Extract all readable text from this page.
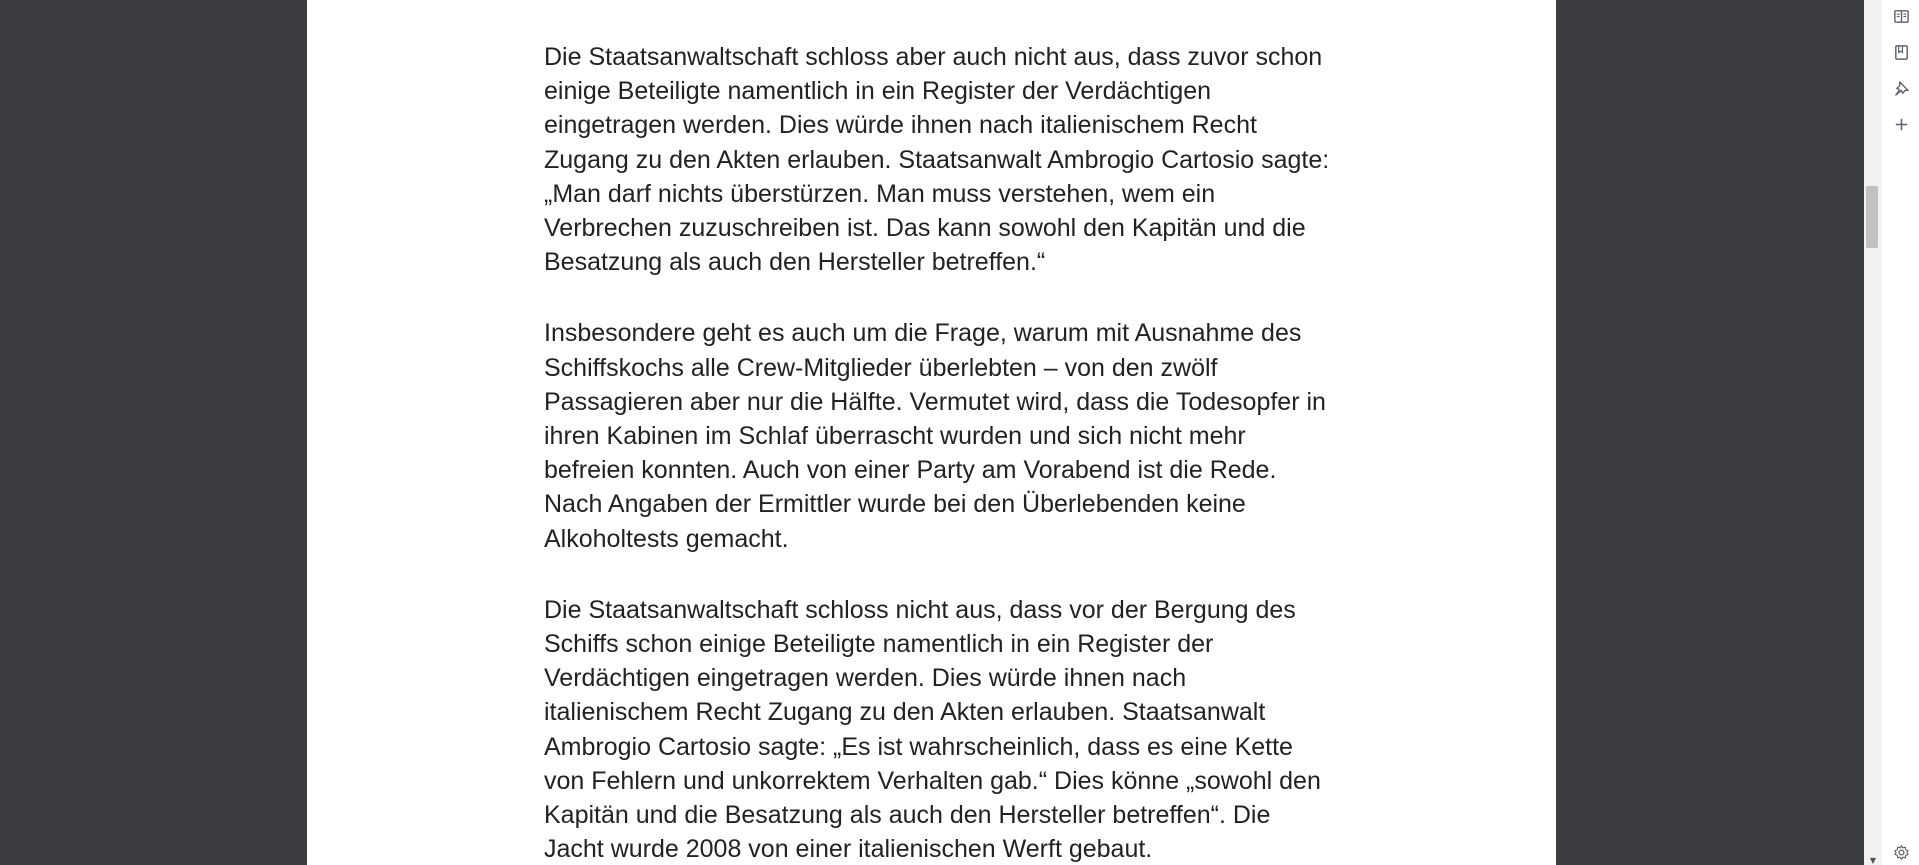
Die Staatsanwaltschaft schloss aber auch nicht aus, dass zuvor schon einige Beteiligte namentlich in ein Register der Verdächtigen eingetragen werden. Dies würde ihnen nach italienischem Recht Zugang zu den Akten erlauben. Staatsanwalt Ambrogio Cartosio sagte: „Man darf nichts überstürzen. Man muss verstehen, wem ein Verbrechen zuzuschreiben ist. Das kann sowohl den Kapitän und die Besatzung als auch den Hersteller betreffen.“

Insbesondere geht es auch um die Frage, warum mit Ausnahme des Schiffskochs alle Crew-Mitglieder überlebten – von den zwölf Passagieren aber nur die Hälfte. Vermutet wird, dass die Todesopfer in ihren Kabinen im Schlaf überrascht wurden und sich nicht mehr befreien konnten. Auch von einer Party am Vorabend ist die Rede. Nach Angaben der Ermittler wurde bei den Überlebenden keine Alkoholtests gemacht.

Die Staatsanwaltschaft schloss nicht aus, dass vor der Bergung des Schiffs schon einige Beteiligte namentlich in ein Register der Verdächtigen eingetragen werden. Dies würde ihnen nach italienischem Recht Zugang zu den Akten erlauben. Staatsanwalt Ambrogio Cartosio sagte: „Es ist wahrscheinlich, dass es eine Kette von Fehlern und unkorrektem Verhalten gab.“ Dies könne „sowohl den Kapitän und die Besatzung als auch den Hersteller betreffen“. Die Jacht wurde 2008 von einer italienischen Werft gebaut.	▼
